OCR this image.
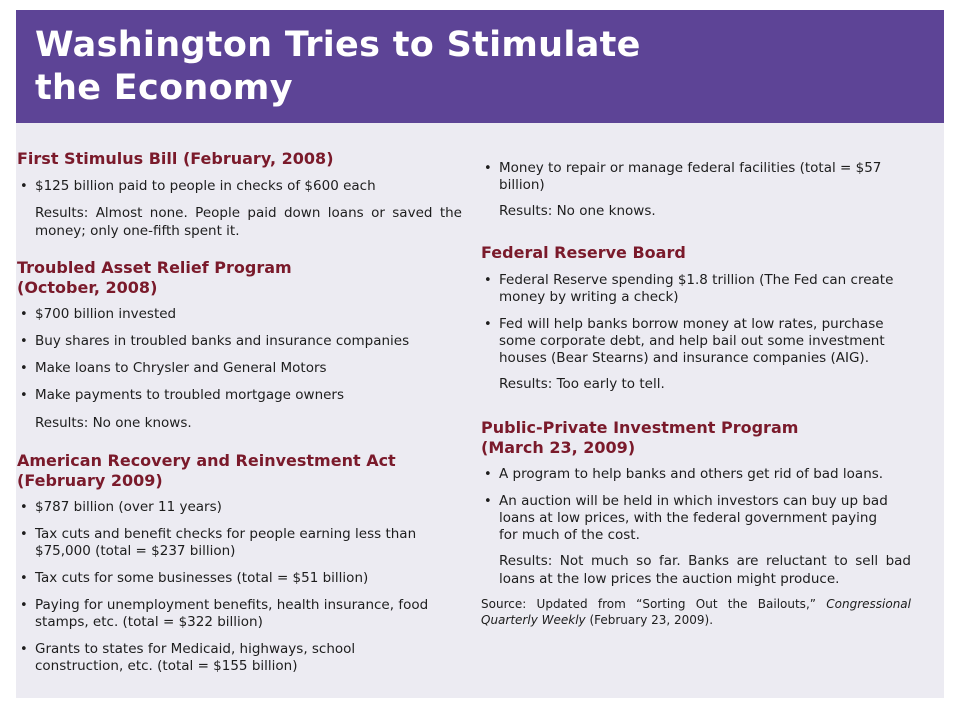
Washington Tries to Stimulate
the Economy
First Stimulus Bill (February, 2008)
• $125 billion paid to people in checks of $600 each

Results: Almost none. People paid down loans or saved the money; only one-fifth spent it.

Troubled Asset Relief Program (October, 2008)
• $700 billion invested
• Buy shares in troubled banks and insurance companies
• Make loans to Chrysler and General Motors
• Make payments to troubled mortgage owners

Results: No one knows.

American Recovery and Reinvestment Act (February 2009)
• $787 billion (over 11 years)
• Tax cuts and benefit checks for people earning less than $75,000 (total = $237 billion)
• Tax cuts for some businesses (total = $51 billion)
• Paying for unemployment benefits, health insurance, food stamps, etc. (total = $322 billion)
• Grants to states for Medicaid, highways, school construction, etc. (total = $155 billion)
• Money to repair or manage federal facilities (total = $57 billion)

Results: No one knows.

Federal Reserve Board
• Federal Reserve spending $1.8 trillion (The Fed can create money by writing a check)
• Fed will help banks borrow money at low rates, purchase some corporate debt, and help bail out some investment houses (Bear Stearns) and insurance companies (AIG).

Results: Too early to tell.

Public-Private Investment Program (March 23, 2009)
• A program to help banks and others get rid of bad loans.
• An auction will be held in which investors can buy up bad loans at low prices, with the federal government paying for much of the cost.

Results: Not much so far. Banks are reluctant to sell bad loans at the low prices the auction might produce.

Source: Updated from “Sorting Out the Bailouts,” Congressional Quarterly Weekly (February 23, 2009).
